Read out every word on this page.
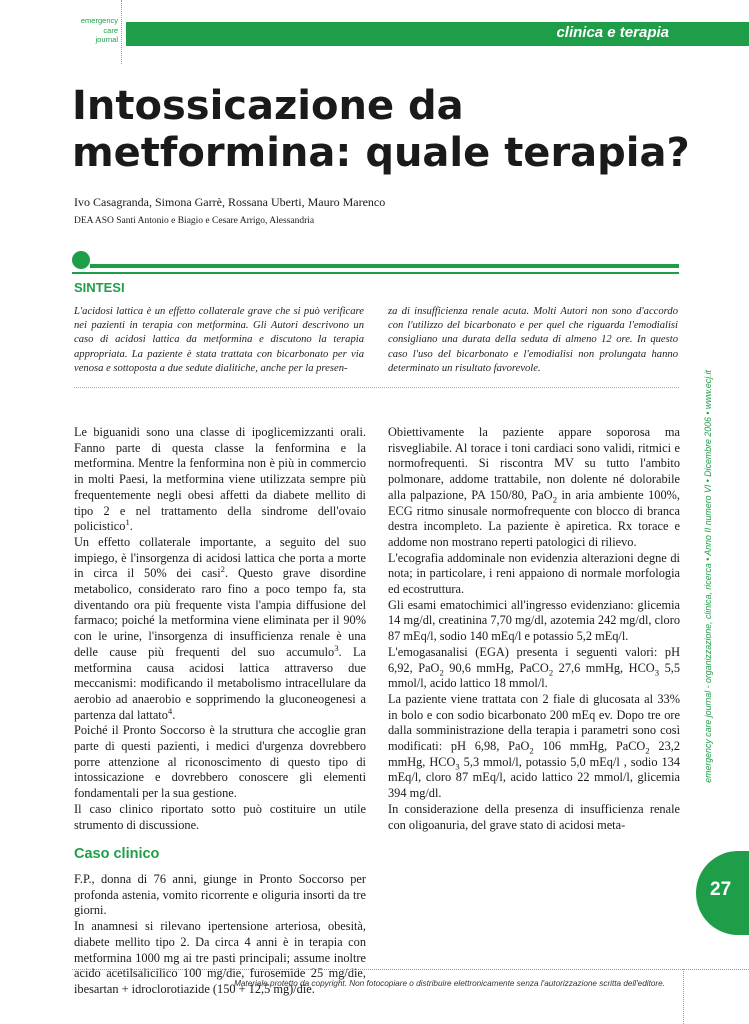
emergency
care
journal	clinica e terapia
Intossicazione da metformina: quale terapia?
Ivo Casagranda, Simona Garrè, Rossana Uberti, Mauro Marenco
DEA ASO Santi Antonio e Biagio e Cesare Arrigo, Alessandria
SINTESI

L'acidosi lattica è un effetto collaterale grave che si può verificare nei pazienti in terapia con metformina. Gli Autori descrivono un caso di acidosi lattica da metformina e discutono la terapia appropriata. La paziente è stata trattata con bicarbonato per via venosa e sottoposta a due sedute dialitiche, anche per la presen-

za di insufficienza renale acuta. Molti Autori non sono d'accordo con l'utilizzo del bicarbonato e per quel che riguarda l'emodialisi consigliano una durata della seduta di almeno 12 ore. In questo caso l'uso del bicarbonato e l'emodialisi non prolungata hanno determinato un risultato favorevole.

Le biguanidi sono una classe di ipoglicemizzanti orali. Fanno parte di questa classe la fenformina e la metformina. Mentre la fenformina non è più in commercio in molti Paesi, la metformina viene utilizzata sempre più frequentemente negli obesi affetti da diabete mellito di tipo 2 e nel trattamento della sindrome dell'ovaio policistico$^1$.

Un effetto collaterale importante, a seguito del suo impiego, è l'insorgenza di acidosi lattica che porta a morte in circa il 50% dei casi$^2$. Questo grave disordine metabolico, considerato raro fino a poco tempo fa, sta diventando ora più frequente vista l'ampia diffusione del farmaco; poiché la metformina viene eliminata per il 90% con le urine, l'insorgenza di insufficienza renale è una delle cause più frequenti del suo accumulo$^3$. La metformina causa acidosi lattica attraverso due meccanismi: modificando il metabolismo intracellulare da aerobio ad anaerobio e sopprimendo la gluconeogenesi a partenza dal lattato$^4$.

Poiché il Pronto Soccorso è la struttura che accoglie gran parte di questi pazienti, i medici d'urgenza dovrebbero porre attenzione al riconoscimento di questo tipo di intossicazione e dovrebbero conoscere gli elementi fondamentali per la sua gestione.

Il caso clinico riportato sotto può costituire un utile strumento di discussione.

Caso clinico

F.P., donna di 76 anni, giunge in Pronto Soccorso per profonda astenia, vomito ricorrente e oliguria insorti da tre giorni.

In anamnesi si rilevano ipertensione arteriosa, obesità, diabete mellito tipo 2. Da circa 4 anni è in terapia con metformina 1000 mg ai tre pasti principali; assume inoltre acido acetilsalicilico 100 mg/die, furosemide 25 mg/die, ibesartan + idroclorotiazide (150 + 12,5 mg)/die.

Obiettivamente la paziente appare soporosa ma risvegliabile. Al torace i toni cardiaci sono validi, ritmici e normofrequenti. Si riscontra MV su tutto l'ambito polmonare, addome trattabile, non dolente né dolorabile alla palpazione, PA 150/80, PaO$_2$ in aria ambiente 100%, ECG ritmo sinusale normofrequente con blocco di branca destra incompleto. La paziente è apiretica. Rx torace e addome non mostrano reperti patologici di rilievo.

L'ecografia addominale non evidenzia alterazioni degne di nota; in particolare, i reni appaiono di normale morfologia ed ecostruttura.

Gli esami ematochimici all'ingresso evidenziano: glicemia 14 mg/dl, creatinina 7,70 mg/dl, azotemia 242 mg/dl, cloro 87 mEq/l, sodio 140 mEq/l e potassio 5,2 mEq/l.

L'emogasanalisi (EGA) presenta i seguenti valori: pH 6,92, PaO$_2$ 90,6 mmHg, PaCO$_2$ 27,6 mmHg, $HCO_3$ 5,5 mmol/l, acido lattico 18 mmol/l.

La paziente viene trattata con 2 fiale di glucosata al 33% in bolo e con sodio bicarbonato 200 mEq ev. Dopo tre ore dalla somministrazione della terapia i parametri sono così modificati: pH 6,98, PaO$_2$ 106 mmHg, PaCO$_2$ 23,2 mmHg, $HCO_3$ 5,3 mmol/l, potassio 5,0 mEq/l , sodio 134 mEq/l, cloro 87 mEq/l, acido lattico 22 mmol/l, glicemia 394 mg/dl.

In considerazione della presenza di insufficienza renale con oligoanuria, del grave stato di acidosi meta-

emergency care journal - organizzazione, clinica, ricerca • Anno II numero VI • Dicembre 2006 • www.ecj.it
27
Materiale protetto da copyright. Non fotocopiare o distribuire elettronicamente senza l'autorizzazione scritta dell'editore.
